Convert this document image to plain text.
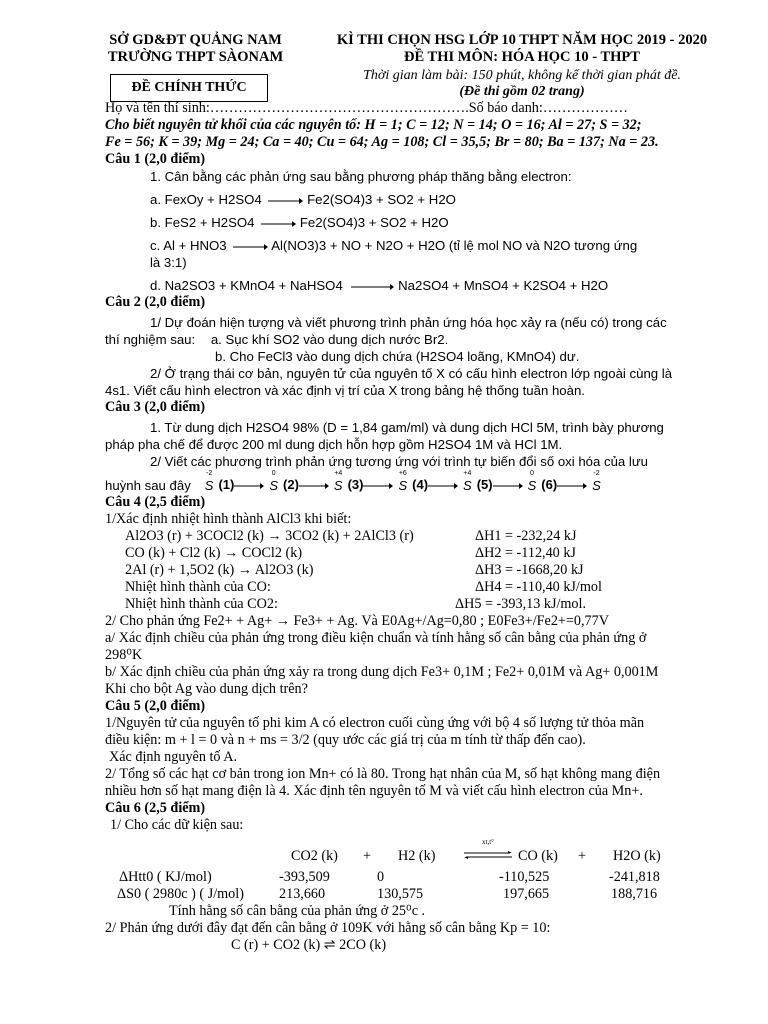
SỞ GD&ĐT QUẢNG NAM
TRƯỜNG THPT SÀONAM
KÌ THI CHỌN HSG LỚP 10 THPT NĂM HỌC 2019 - 2020
ĐỀ THI MÔN: HÓA HỌC 10 - THPT
ĐỀ CHÍNH THỨC
Thời gian làm bài: 150 phút, không kể thời gian phát đề.
(Đề thi gồm 02 trang)
Họ và tên thí sinh:……………………………………………….Số báo danh:………………
Cho biết nguyên tử khối của các nguyên tố: H = 1; C = 12; N = 14; O = 16; Al = 27; S = 32;
Fe = 56; K = 39; Mg = 24; Ca = 40; Cu = 64; Ag = 108; Cl = 35,5; Br = 80; Ba = 137; Na = 23.
Câu 1 (2,0 điểm)
1. Cân bằng các phản ứng sau bằng phương pháp thăng bằng electron:
a. FexOy + H2SO4 → Fe2(SO4)3 + SO2 + H2O
b. FeS2 + H2SO4 → Fe2(SO4)3 + SO2 + H2O
c. Al + HNO3 → Al(NO3)3 + NO + N2O + H2O (tỉ lệ mol NO và N2O tương ứng
là 3:1)
d. Na2SO3 + KMnO4 + NaHSO4 → Na2SO4 + MnSO4 + K2SO4 + H2O
Câu 2 (2,0 điểm)
1/ Dự đoán hiện tượng và viết phương trình phản ứng hóa học xảy ra (nếu có) trong các
thí nghiệm sau: a. Sục khí SO2 vào dung dịch nước Br2.
b. Cho FeCl3 vào dung dịch chứa (H2SO4 loãng, KMnO4) dư.
2/ Ở trạng thái cơ bản, nguyên tử của nguyên tố X có cấu hình electron lớp ngoài cùng là
4s1. Viết cấu hình electron và xác định vị trí của X trong bảng hệ thống tuần hoàn.
Câu 3 (2,0 điểm)
1. Từ dung dịch H2SO4 98% (D = 1,84 gam/ml) và dung dịch HCl 5M, trình bày phương
pháp pha chế để được 200 ml dung dịch hỗn hợp gồm H2SO4 1M và HCl 1M.
2/ Viết các phương trình phản ứng tương ứng với trình tự biến đổi số oxi hóa của lưu
huỳnh sau đây
-2
S (1)
0
S (2)
+4
S (3)
+6
S (4)
+4
S (5)
0
S (6)
-2
S
Câu 4 (2,5 điểm)
1/Xác định nhiệt hình thành AlCl3 khi biết:
Al2O3 (r) + 3COCl2 (k) → 3CO2 (k) + 2AlCl3 (r)	ΔH1 = -232,24 kJ
CO (k) + Cl2 (k) → COCl2 (k)	ΔH2 = -112,40 kJ
2Al (r) + 1,5O2 (k) → Al2O3 (k)	ΔH3 = -1668,20 kJ
Nhiệt hình thành của CO:	ΔH4 = -110,40 kJ/mol
Nhiệt hình thành của CO2:	ΔH5 = -393,13 kJ/mol.
2/ Cho phản ứng Fe2+ + Ag+ → Fe3+ + Ag. Và E0Ag+/Ag=0,80 ; E0Fe3+/Fe2+=0,77V
a/ Xác định chiều của phản ứng trong điều kiện chuẩn và tính hằng số cân bằng của phản ứng ở
298⁰K
b/ Xác định chiều của phản ứng xảy ra trong dung dịch Fe3+ 0,1M ; Fe2+ 0,01M và Ag+ 0,001M
Khi cho bột Ag vào dung dịch trên?
Câu 5 (2,0 điểm)
1/Nguyên tử của nguyên tố phi kim A có electron cuối cùng ứng với bộ 4 số lượng tử thỏa mãn
điều kiện: m + l = 0 và n + ms = 3/2 (quy ước các giá trị của m tính từ thấp đến cao).
Xác định nguyên tố A.
2/ Tổng số các hạt cơ bản trong ion Mn+ có là 80. Trong hạt nhân của M, số hạt không mang điện
nhiều hơn số hạt mang điện là 4. Xác định tên nguyên tố M và viết cấu hình electron của Mn+.
Câu 6 (2,5 điểm)
1/ Cho các dữ kiện sau:
CO2 (k)	+	H2 (k)
xt,t°
CO (k)	+	H2O (k)
ΔHtt0 ( KJ/mol)	-393,509	0	-110,525	-241,818
ΔS0 ( 2980c ) ( J/mol)	213,660	130,575	197,665	188,716
Tính hằng số cân bằng của phản ứng ở 25⁰c .
2/ Phản ứng dưới đây đạt đến cân bằng ở 109K với hằng số cân bằng Kp = 10:
C (r) + CO2 (k) ⇌ 2CO (k)
